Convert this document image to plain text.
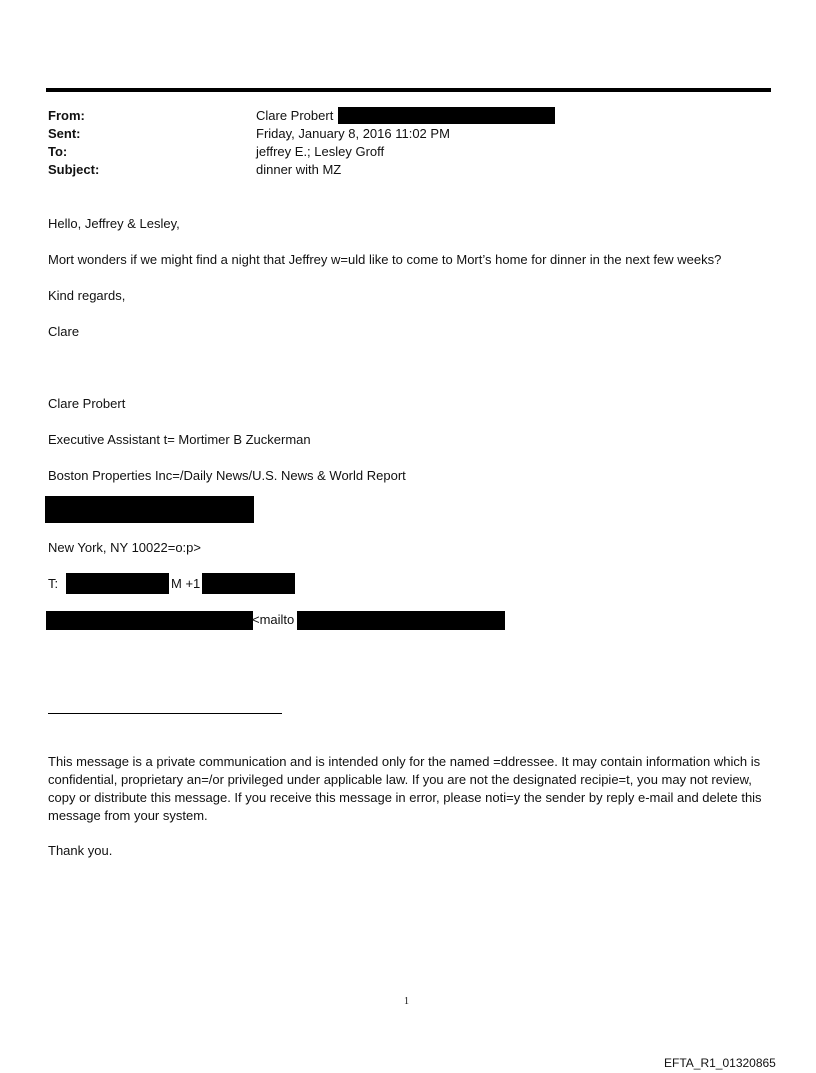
From:	Clare Probert
Sent:	Friday, January 8, 2016 11:02 PM
To:	jeffrey E.; Lesley Groff
Subject:	dinner with MZ
Hello, Jeffrey & Lesley,
Mort wonders if we might find a night that Jeffrey w=uld like to come to Mort’s home for dinner in the next few weeks?
Kind regards,
Clare
Clare Probert
Executive Assistant t= Mortimer B Zuckerman
Boston Properties Inc=/Daily News/U.S. News & World Report
New York, NY 10022=o:p>
T:	M +1
<mailto
This message is a private communication and is intended only for the named =ddressee. It may contain information which is confidential, proprietary an=/or privileged under applicable law. If you are not the designated recipie=t, you may not review, copy or distribute this message. If you receive this message in error, please noti=y the sender by reply e-mail and delete this message from your system.
Thank you.
1
EFTA_R1_01320865
